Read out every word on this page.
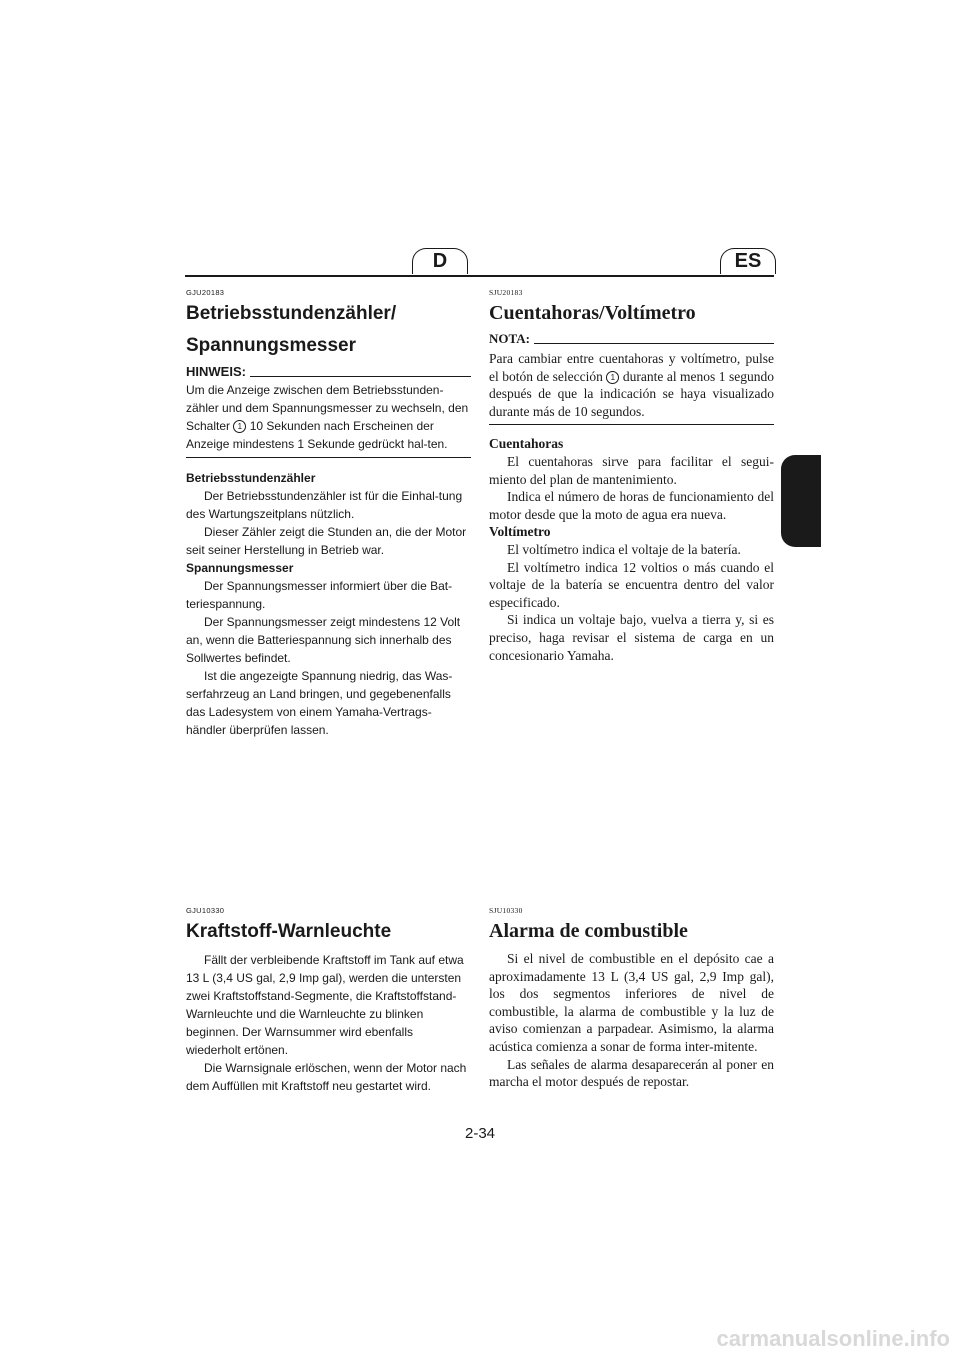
D	ES

GJU20183

Betriebsstundenzähler/
Spannungsmesser
HINWEIS:

Um die Anzeige zwischen dem Betriebsstunden-zähler und dem Spannungsmesser zu wechseln, den Schalter 1 10 Sekunden nach Erscheinen der Anzeige mindestens 1 Sekunde gedrückt hal-ten.

Betriebsstundenzähler

Der Betriebsstundenzähler ist für die Einhal-tung des Wartungszeitplans nützlich.

Dieser Zähler zeigt die Stunden an, die der Motor seit seiner Herstellung in Betrieb war.

Spannungsmesser

Der Spannungsmesser informiert über die Bat-teriespannung.

Der Spannungsmesser zeigt mindestens 12 Volt an, wenn die Batteriespannung sich innerhalb des Sollwertes befindet.

Ist die angezeigte Spannung niedrig, das Was-serfahrzeug an Land bringen, und gegebenenfalls das Ladesystem von einem Yamaha-Vertrags-händler überprüfen lassen.

SJU20183

Cuentahoras/Voltímetro
NOTA:

Para cambiar entre cuentahoras y voltímetro, pulse el botón de selección 1 durante al menos 1 segundo después de que la indicación se haya visualizado durante más de 10 segundos.

Cuentahoras

El cuentahoras sirve para facilitar el segui-miento del plan de mantenimiento.

Indica el número de horas de funcionamiento del motor desde que la moto de agua era nueva.

Voltímetro

El voltímetro indica el voltaje de la batería.

El voltímetro indica 12 voltios o más cuando el voltaje de la batería se encuentra dentro del valor especificado.

Si indica un voltaje bajo, vuelva a tierra y, si es preciso, haga revisar el sistema de carga en un concesionario Yamaha.

GJU10330

Kraftstoff-Warnleuchte

Fällt der verbleibende Kraftstoff im Tank auf etwa 13 L (3,4 US gal, 2,9 Imp gal), werden die untersten zwei Kraftstoffstand-Segmente, die Kraftstoffstand-Warnleuchte und die Warnleuchte zu blinken beginnen. Der Warnsummer wird ebenfalls wiederholt ertönen.

Die Warnsignale erlöschen, wenn der Motor nach dem Auffüllen mit Kraftstoff neu gestartet wird.

SJU10330

Alarma de combustible

Si el nivel de combustible en el depósito cae a aproximadamente 13 L (3,4 US gal, 2,9 Imp gal), los dos segmentos inferiores de nivel de combustible, la alarma de combustible y la luz de aviso comienzan a parpadear. Asimismo, la alarma acústica comienza a sonar de forma inter-mitente.

Las señales de alarma desaparecerán al poner en marcha el motor después de repostar.

2-34
carmanualsonline.info
